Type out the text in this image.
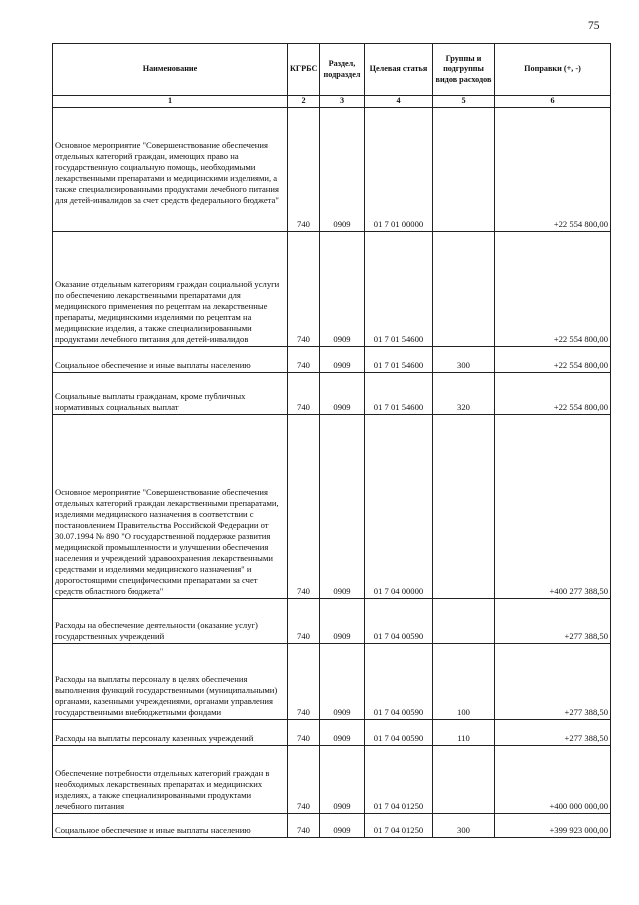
75
Наименование	КГРБС	Раздел, подраздел	Целевая статья	Группы и подгруппы видов расходов	Поправки (+, -)
1	2	3	4	5	6
Основное мероприятие "Совершенствование обеспечения отдельных категорий граждан, имеющих право на государственную социальную помощь, необходимыми лекарственными препаратами и медицинскими изделиями, а также специализированными продуктами лечебного питания для детей-инвалидов за счет средств федерального бюджета"	740	0909	01 7 01 00000		+22 554 800,00
Оказание отдельным категориям граждан социальной услуги по обеспечению лекарственными препаратами для медицинского применения по рецептам на лекарственные препараты, медицинскими изделиями по рецептам на медицинские изделия, а также специализированными продуктами лечебного питания для детей-инвалидов	740	0909	01 7 01 54600		+22 554 800,00
Социальное обеспечение и иные выплаты населению	740	0909	01 7 01 54600	300	+22 554 800,00
Социальные выплаты гражданам, кроме публичных нормативных социальных выплат	740	0909	01 7 01 54600	320	+22 554 800,00
Основное мероприятие "Совершенствование обеспечения отдельных категорий граждан лекарственными препаратами, изделиями медицинского назначения в соответствии с постановлением Правительства Российской Федерации от 30.07.1994 № 890 "О государственной поддержке развития медицинской промышленности и улучшении обеспечения населения и учреждений здравоохранения лекарственными средствами и изделиями медицинского назначения" и дорогостоящими специфическими препаратами за счет средств областного бюджета"	740	0909	01 7 04 00000		+400 277 388,50
Расходы на обеспечение деятельности (оказание услуг) государственных учреждений	740	0909	01 7 04 00590		+277 388,50
Расходы на выплаты персоналу в целях обеспечения выполнения функций государственными (муниципальными) органами, казенными учреждениями, органами управления государственными внебюджетными фондами	740	0909	01 7 04 00590	100	+277 388,50
Расходы на выплаты персоналу казенных учреждений	740	0909	01 7 04 00590	110	+277 388,50
Обеспечение потребности отдельных категорий граждан в необходимых лекарственных препаратах и медицинских изделиях, а также специализированными продуктами лечебного питания	740	0909	01 7 04 01250		+400 000 000,00
Социальное обеспечение и иные выплаты населению	740	0909	01 7 04 01250	300	+399 923 000,00
